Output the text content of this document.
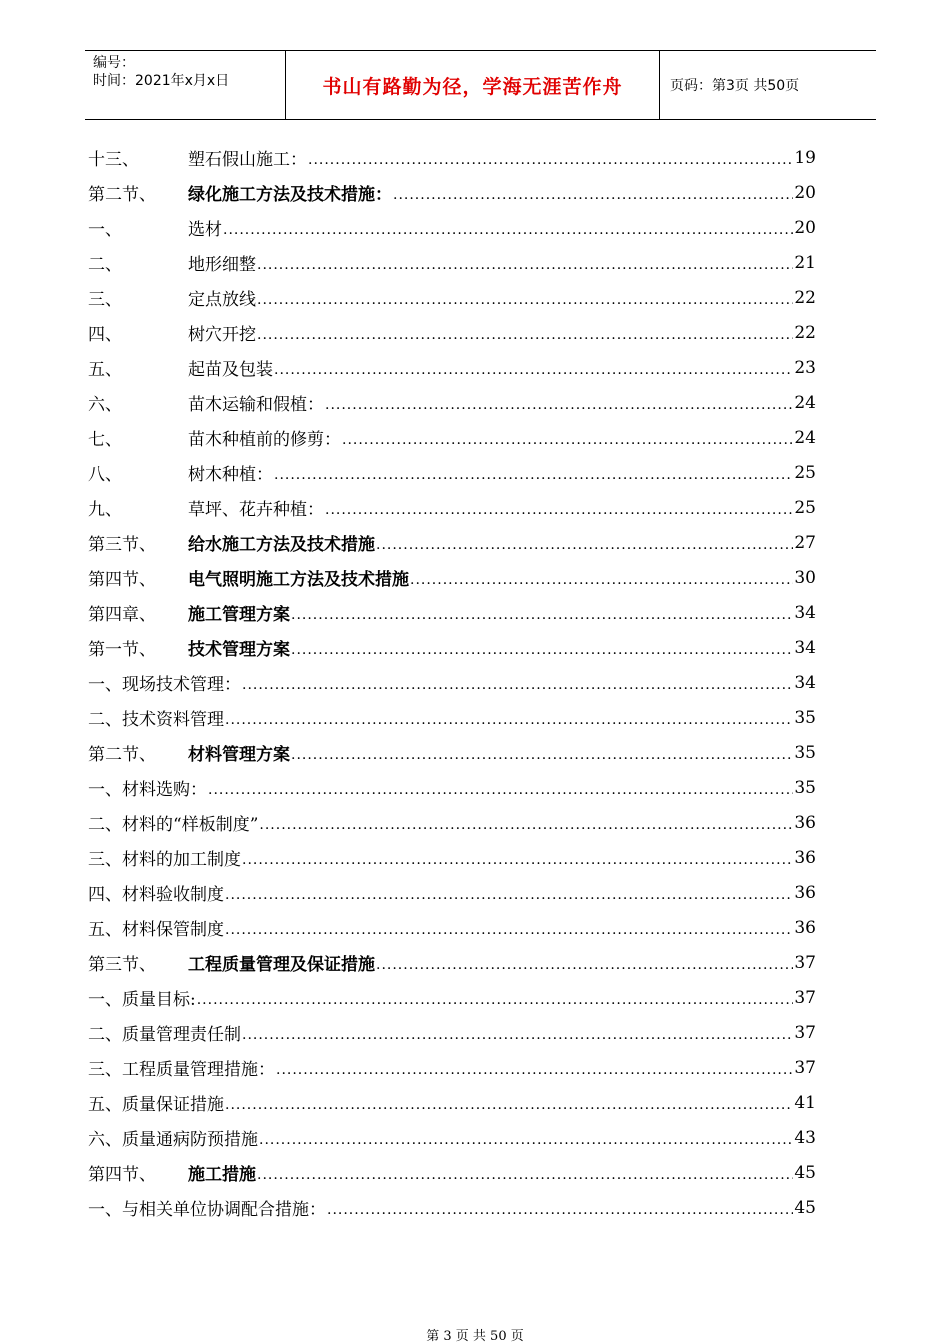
编号：
时间：2021年x月x日	书山有路勤为径，学海无涯苦作舟	页码：第3页 共50页
十三、	塑石假山施工： .....	19
第二节、	绿化施工方法及技术措施： .....	20
一、	选材 .....	20
二、	地形细整 .....	21
三、	定点放线 .....	22
四、	树穴开挖 .....	22
五、	起苗及包装 .....	23
六、	苗木运输和假植： .....	24
七、	苗木种植前的修剪： .....	24
八、	树木种植： .....	25
九、	草坪、花卉种植： .....	25
第三节、	给水施工方法及技术措施 .....	27
第四节、	电气照明施工方法及技术措施 .....	30
第四章、	施工管理方案 .....	34
第一节、	技术管理方案 .....	34
一、 现场技术管理： .....	34
二、 技术资料管理 .....	35
第二节、	材料管理方案 .....	35
一、 材料选购： .....	35
二、 材料的“样板制度” .....	36
三、 材料的加工制度 .....	36
四、 材料验收制度 .....	36
五、 材料保管制度 .....	36
第三节、	工程质量管理及保证措施 .....	37
一、 质量目标: .....	37
二、 质量管理责任制 .....	37
三、 工程质量管理措施： .....	37
五、 质量保证措施 .....	41
六、 质量通病防预措施 .....	43
第四节、	施工措施 .....	45
一、 与相关单位协调配合措施： .....	45
第 3 页 共 50 页
